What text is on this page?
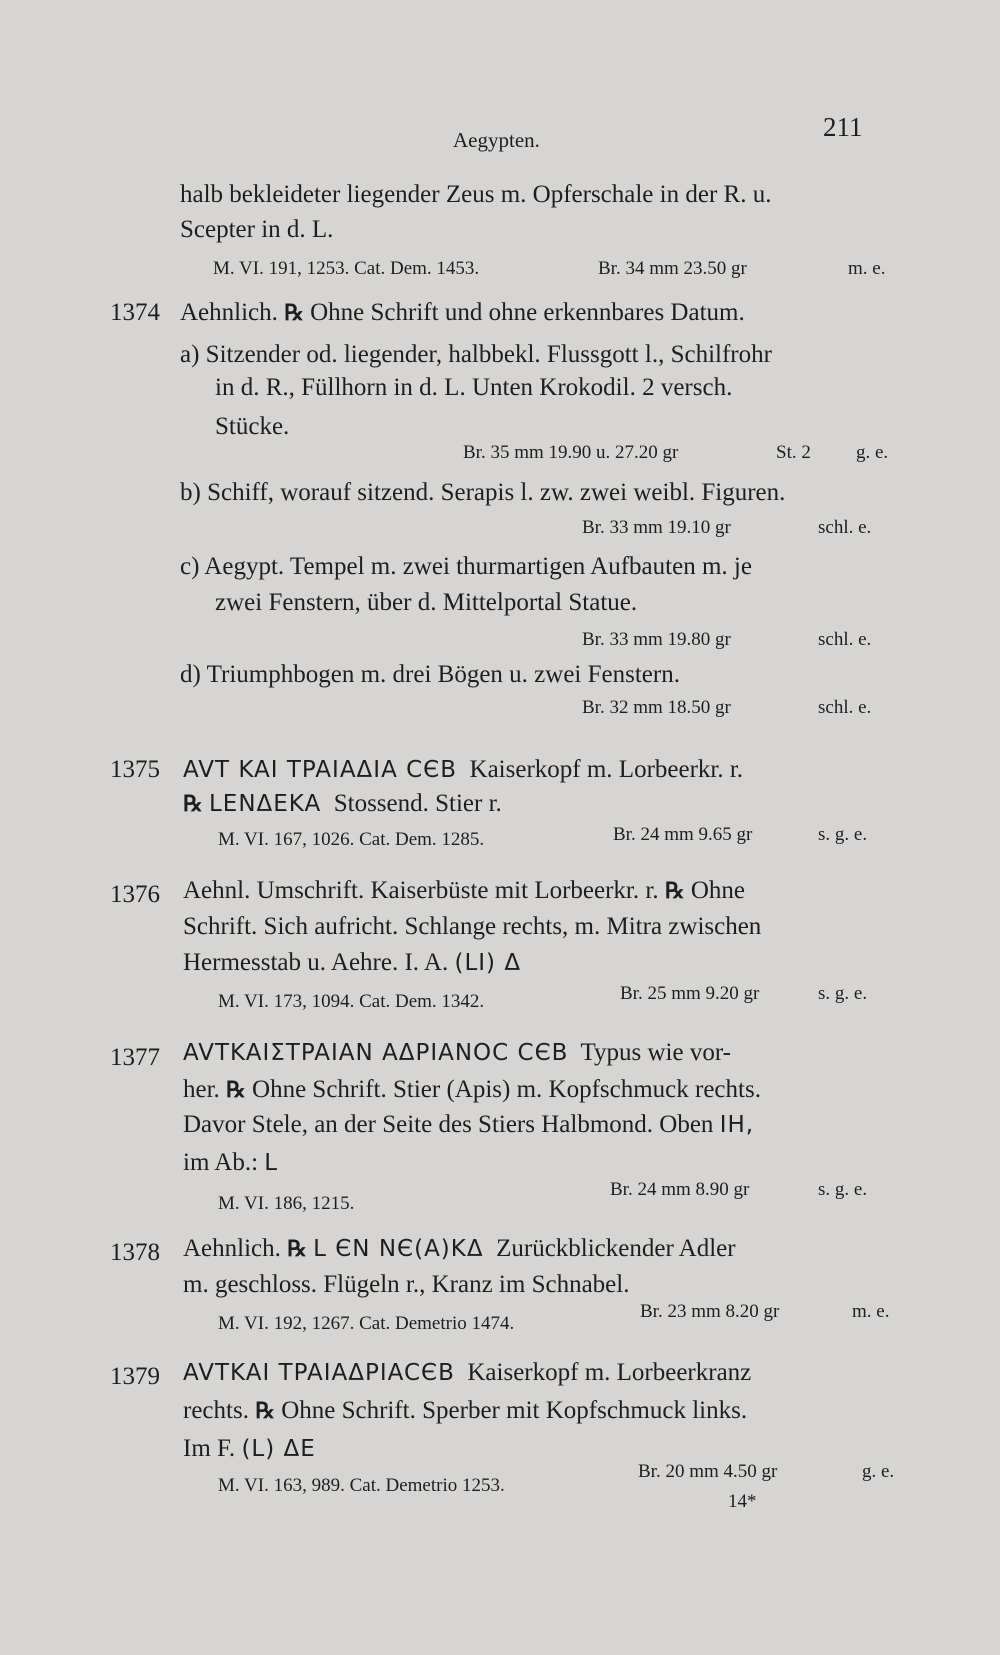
Aegypten.	211
halb bekleideter liegender Zeus m. Opferschale in der R. u.
Scepter in d. L.
M. VI. 191, 1253. Cat. Dem. 1453.	Br. 34 mm 23.50 gr	m. e.
1374 Aehnlich. ℞ Ohne Schrift und ohne erkennbares Datum.
a) Sitzender od. liegender, halbbekl. Flussgott l., Schilfrohr
in d. R., Füllhorn in d. L. Unten Krokodil. 2 versch.
Stücke.
Br. 35 mm 19.90 u. 27.20 gr	St. 2 g. e.
b) Schiff, worauf sitzend. Serapis l. zw. zwei weibl. Figuren.
Br. 33 mm 19.10 gr	schl. e.
c) Aegypt. Tempel m. zwei thurmartigen Aufbauten m. je
zwei Fenstern, über d. Mittelportal Statue.
Br. 33 mm 19.80 gr	schl. e.
d) Triumphbogen m. drei Bögen u. zwei Fenstern.
Br. 32 mm 18.50 gr	schl. e.
1375 AVT KAI TPAIAΔIA CЄB Kaiserkopf m. Lorbeerkr. r.
℞ LENΔEKA Stossend. Stier r.
M. VI. 167, 1026. Cat. Dem. 1285.	Br. 24 mm 9.65 gr	s. g. e.
1376 Aehnl. Umschrift. Kaiserbüste mit Lorbeerkr. r. ℞ Ohne
Schrift. Sich aufricht. Schlange rechts, m. Mitra zwischen
Hermesstab u. Aehre. I. A. (LI) Δ
M. VI. 173, 1094. Cat. Dem. 1342.	Br. 25 mm 9.20 gr	s. g. e.
1377 AVTKAIΣTPAIAN AΔPIANOC CЄB Typus wie vor-
her. ℞ Ohne Schrift. Stier (Apis) m. Kopfschmuck rechts.
Davor Stele, an der Seite des Stiers Halbmond. Oben IH,
im Ab.: L
M. VI. 186, 1215.
Br. 24 mm 8.90 gr	s. g. e.
1378 Aehnlich. ℞ L ЄN NЄ(A)KΔ Zurückblickender Adler
m. geschloss. Flügeln r., Kranz im Schnabel.
M. VI. 192, 1267. Cat. Demetrio 1474.
Br. 23 mm 8.20 gr	m. e.
1379 AVTKAI TPAIAΔPIACЄB Kaiserkopf m. Lorbeerkranz
rechts. ℞ Ohne Schrift. Sperber mit Kopfschmuck links.
Im F. (L) ΔE
M. VI. 163, 989. Cat. Demetrio 1253.
Br. 20 mm 4.50 gr	g. e.
14*
